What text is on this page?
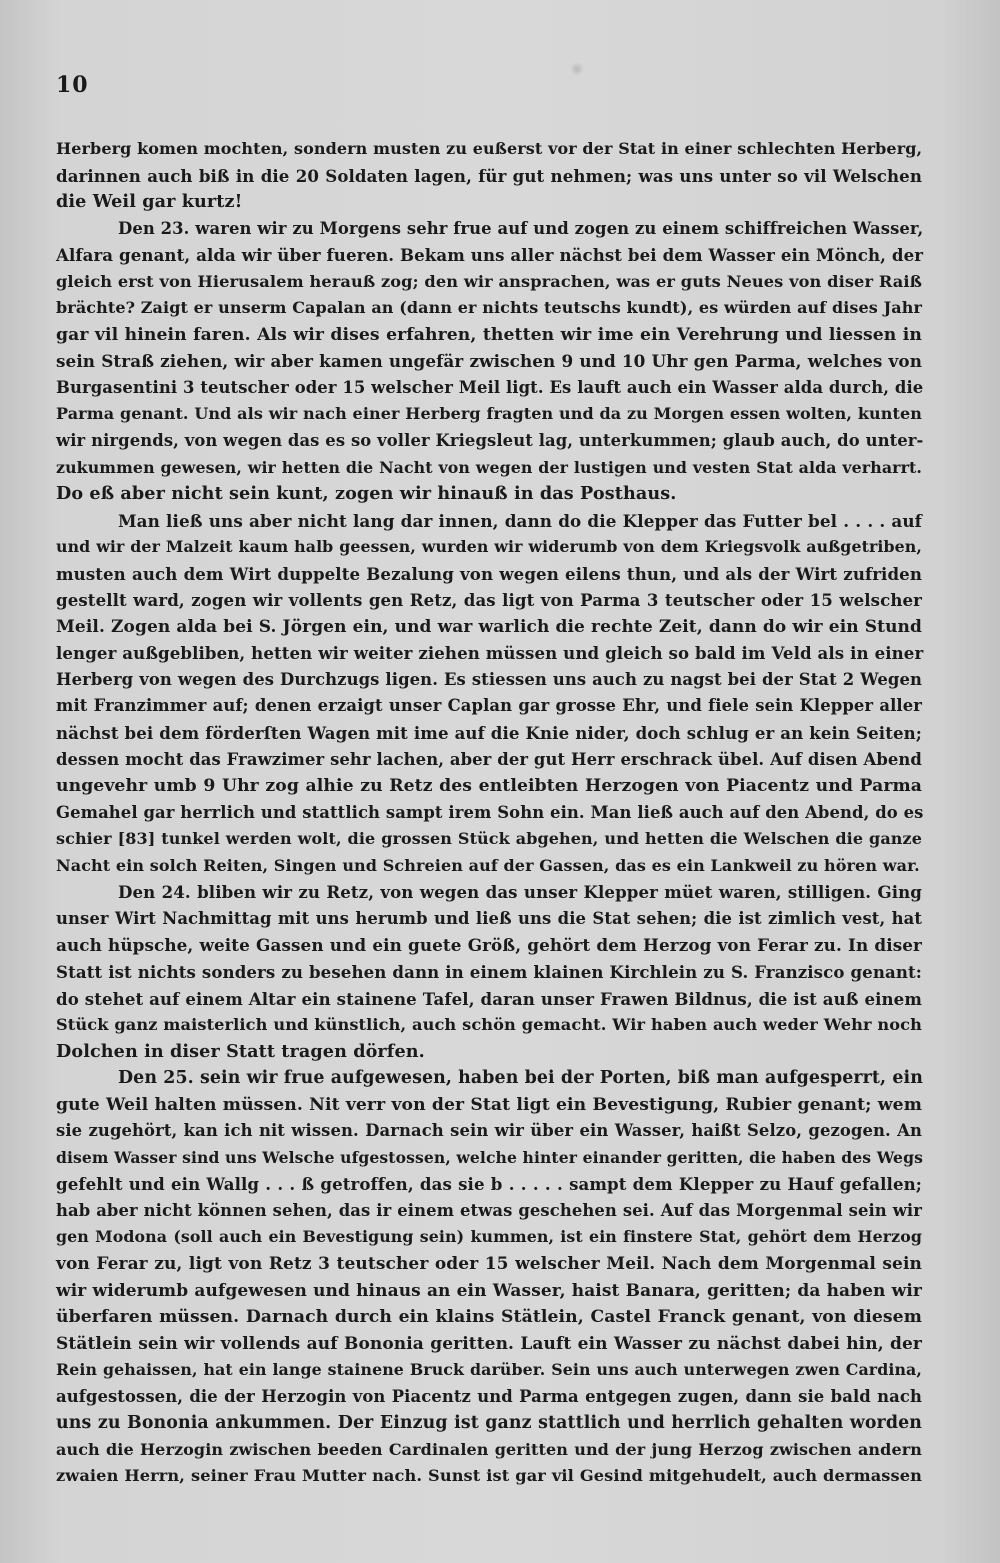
10
Herberg komen mochten, sondern musten zu eußerst vor der Stat in einer schlechten Herberg,
darinnen auch biß in die 20 Soldaten lagen, für gut nehmen; was uns unter so vil Welschen
die Weil gar kurtz!
Den 23. waren wir zu Morgens sehr frue auf und zogen zu einem schiffreichen Wasser,
Alfara genant, alda wir über fueren. Bekam uns aller nächst bei dem Wasser ein Mönch, der
gleich erst von Hierusalem herauß zog; den wir ansprachen, was er guts Neues von diser Raiß
brächte? Zaigt er unserm Capalan an (dann er nichts teutschs kundt), es würden auf dises Jahr
gar vil hinein faren. Als wir dises erfahren, thetten wir ime ein Verehrung und liessen in
sein Straß ziehen, wir aber kamen ungefär zwischen 9 und 10 Uhr gen Parma, welches von
Burgasentini 3 teutscher oder 15 welscher Meil ligt. Es lauft auch ein Wasser alda durch, die
Parma genant. Und als wir nach einer Herberg fragten und da zu Morgen essen wolten, kunten
wir nirgends, von wegen das es so voller Kriegsleut lag, unterkummen; glaub auch, do unter-
zukummen gewesen, wir hetten die Nacht von wegen der lustigen und vesten Stat alda verharrt.
Do eß aber nicht sein kunt, zogen wir hinauß in das Posthaus.
Man ließ uns aber nicht lang dar innen, dann do die Klepper das Futter bel . . . . auf
und wir der Malzeit kaum halb geessen, wurden wir widerumb von dem Kriegsvolk außgetriben,
musten auch dem Wirt duppelte Bezalung von wegen eilens thun, und als der Wirt zufriden
gestellt ward, zogen wir vollents gen Retz, das ligt von Parma 3 teutscher oder 15 welscher
Meil. Zogen alda bei S. Jörgen ein, und war warlich die rechte Zeit, dann do wir ein Stund
lenger außgebliben, hetten wir weiter ziehen müssen und gleich so bald im Veld als in einer
Herberg von wegen des Durchzugs ligen. Es stiessen uns auch zu nagst bei der Stat 2 Wegen
mit Franzimmer auf; denen erzaigt unser Caplan gar grosse Ehr, und fiele sein Klepper aller
nächst bei dem förderſten Wagen mit ime auf die Knie nider, doch schlug er an kein Seiten;
dessen mocht das Frawzimer sehr lachen, aber der gut Herr erschrack übel. Auf disen Abend
ungevehr umb 9 Uhr zog alhie zu Retz des entleibten Herzogen von Piacentz und Parma
Gemahel gar herrlich und stattlich sampt irem Sohn ein. Man ließ auch auf den Abend, do es
schier [83] tunkel werden wolt, die grossen Stück abgehen, und hetten die Welschen die ganze
Nacht ein solch Reiten, Singen und Schreien auf der Gassen, das es ein Lankweil zu hören war.
Den 24. bliben wir zu Retz, von wegen das unser Klepper müet waren, stilligen. Ging
unser Wirt Nachmittag mit uns herumb und ließ uns die Stat sehen; die ist zimlich vest, hat
auch hüpsche, weite Gassen und ein guete Größ, gehört dem Herzog von Ferar zu. In diser
Statt ist nichts sonders zu besehen dann in einem klainen Kirchlein zu S. Franzisco genant:
do stehet auf einem Altar ein stainene Tafel, daran unser Frawen Bildnus, die ist auß einem
Stück ganz maisterlich und künstlich, auch schön gemacht. Wir haben auch weder Wehr noch
Dolchen in diser Statt tragen dörfen.
Den 25. sein wir frue aufgewesen, haben bei der Porten, biß man aufgesperrt, ein
gute Weil halten müssen. Nit verr von der Stat ligt ein Bevestigung, Rubier genant; wem
sie zugehört, kan ich nit wissen. Darnach sein wir über ein Wasser, haißt Selzo, gezogen. An
disem Wasser sind uns Welsche ufgestossen, welche hinter einander geritten, die haben des Wegs
gefehlt und ein Wallg . . . ß getroffen, das sie b . . . . . sampt dem Klepper zu Hauf gefallen;
hab aber nicht können sehen, das ir einem etwas geschehen sei. Auf das Morgenmal sein wir
gen Modona (soll auch ein Bevestigung sein) kummen, ist ein finstere Stat, gehört dem Herzog
von Ferar zu, ligt von Retz 3 teutscher oder 15 welscher Meil. Nach dem Morgenmal sein
wir widerumb aufgewesen und hinaus an ein Wasser, haist Banara, geritten; da haben wir
überfaren müssen. Darnach durch ein klains Stätlein, Castel Franck genant, von diesem
Stätlein sein wir vollends auf Bononia geritten. Lauft ein Wasser zu nächst dabei hin, der
Rein gehaissen, hat ein lange stainene Bruck darüber. Sein uns auch unterwegen zwen Cardina,
aufgestossen, die der Herzogin von Piacentz und Parma entgegen zugen, dann sie bald nach
uns zu Bononia ankummen. Der Einzug ist ganz stattlich und herrlich gehalten worden
auch die Herzogin zwischen beeden Cardinalen geritten und der jung Herzog zwischen andern
zwaien Herrn, seiner Frau Mutter nach. Sunst ist gar vil Gesind mitgehudelt, auch dermassen
